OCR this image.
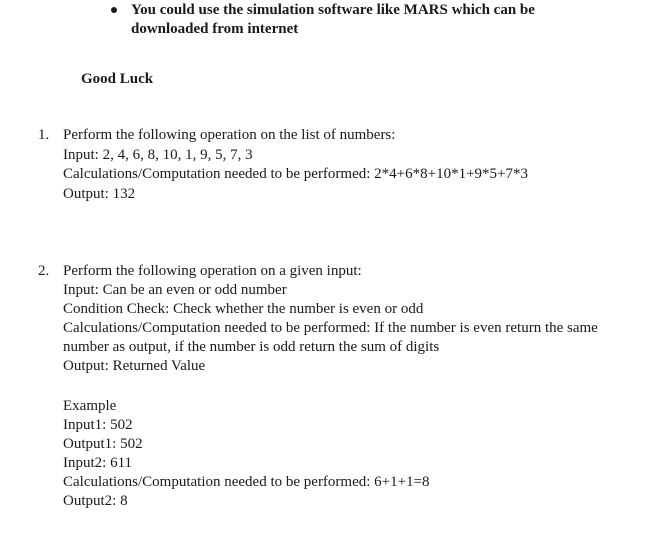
You could use the simulation software like MARS which can be
downloaded from internet
Good Luck
1. Perform the following operation on the list of numbers:
Input: 2, 4, 6, 8, 10, 1, 9, 5, 7, 3
Calculations/Computation needed to be performed: 2*4+6*8+10*1+9*5+7*3
Output: 132
2. Perform the following operation on a given input:
Input: Can be an even or odd number
Condition Check: Check whether the number is even or odd
Calculations/Computation needed to be performed: If the number is even return the same
number as output, if the number is odd return the sum of digits
Output: Returned Value
Example
Input1: 502
Output1: 502
Input2: 611
Calculations/Computation needed to be performed: 6+1+1=8
Output2: 8
